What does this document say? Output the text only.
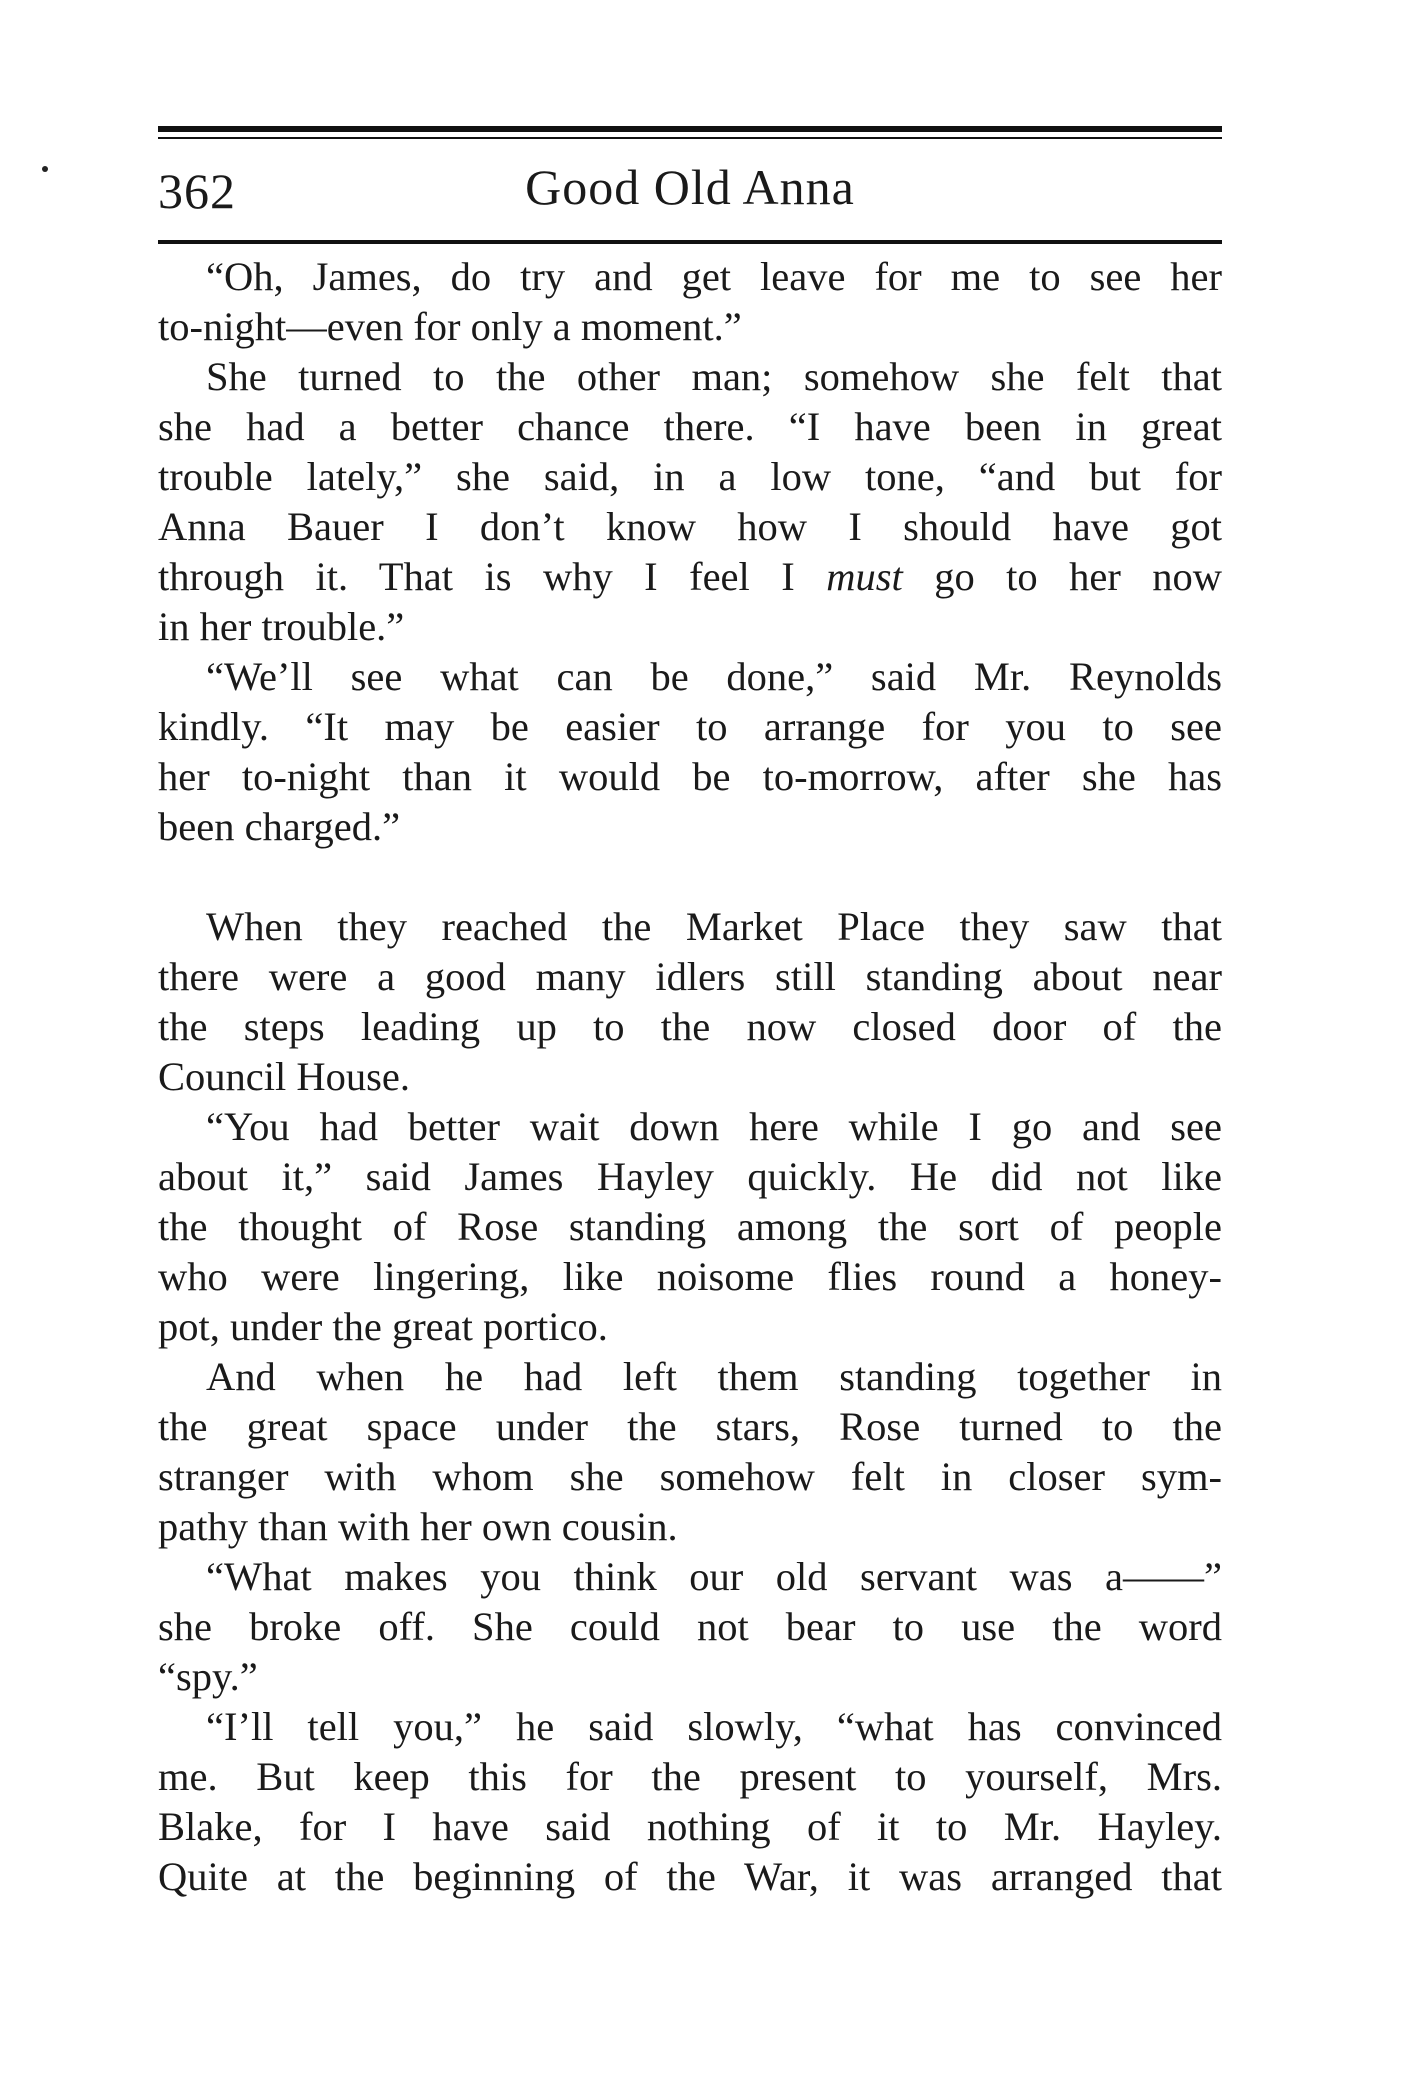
362	Good Old Anna
“Oh, James, do try and get leave for me to see her
to-night—even for only a moment.”
She turned to the other man; somehow she felt that
she had a better chance there. “I have been in great
trouble lately,” she said, in a low tone, “and but for
Anna Bauer I don’t know how I should have got
through it. That is why I feel I must go to her now
in her trouble.”
“We’ll see what can be done,” said Mr. Reynolds
kindly. “It may be easier to arrange for you to see
her to-night than it would be to-morrow, after she has
been charged.”
When they reached the Market Place they saw that
there were a good many idlers still standing about near
the steps leading up to the now closed door of the
Council House.
“You had better wait down here while I go and see
about it,” said James Hayley quickly. He did not like
the thought of Rose standing among the sort of people
who were lingering, like noisome flies round a honey-
pot, under the great portico.
And when he had left them standing together in
the great space under the stars, Rose turned to the
stranger with whom she somehow felt in closer sym-
pathy than with her own cousin.
“What makes you think our old servant was a——”
she broke off. She could not bear to use the word
“spy.”
“I’ll tell you,” he said slowly, “what has convinced
me. But keep this for the present to yourself, Mrs.
Blake, for I have said nothing of it to Mr. Hayley.
Quite at the beginning of the War, it was arranged that
